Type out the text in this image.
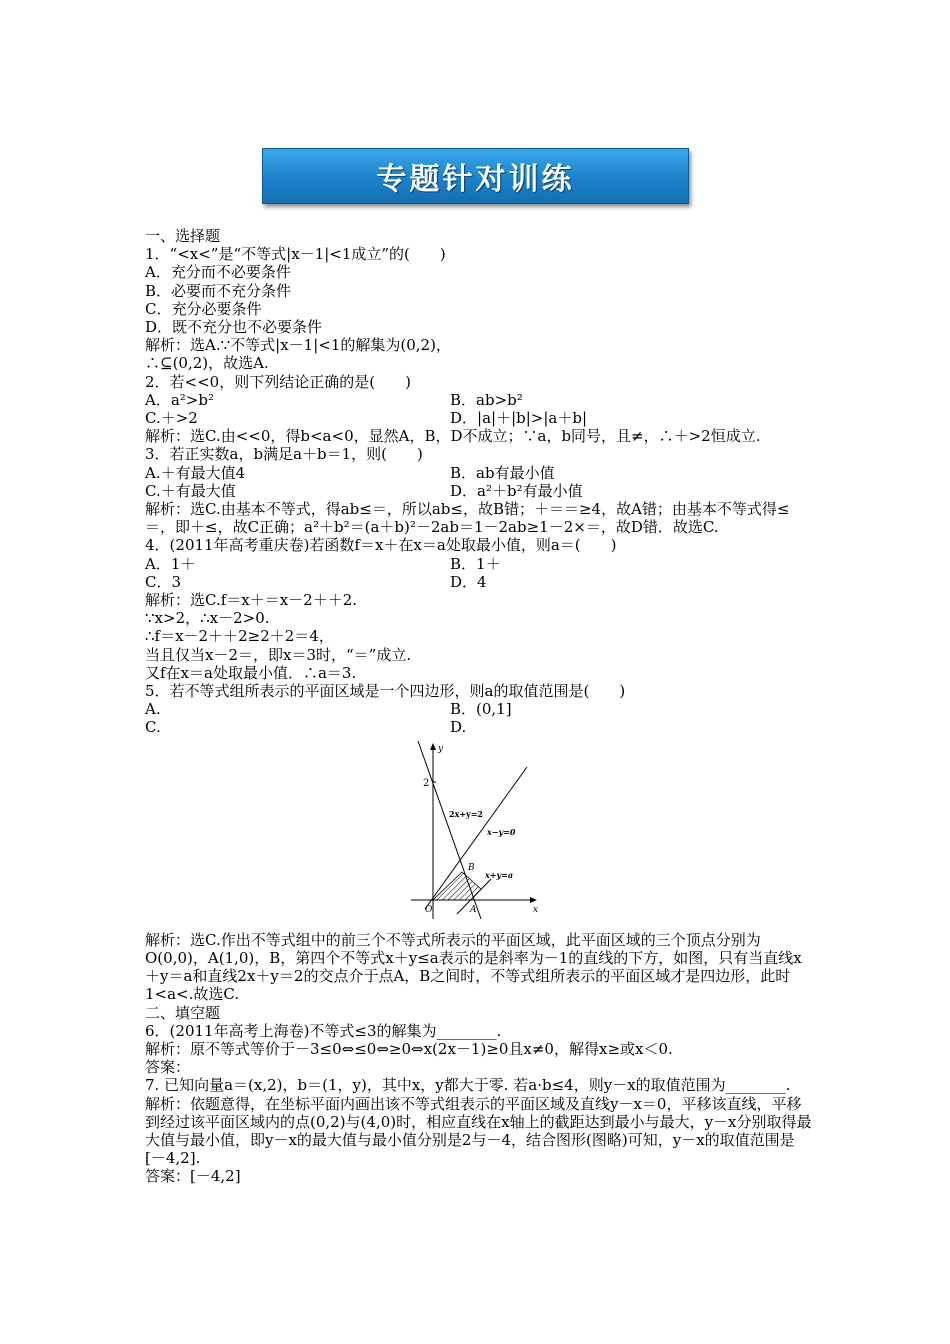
专题针对训练
一、选择题
1．“<x<”是“不等式|x－1|<1成立”的(　　)
A．充分而不必要条件
B．必要而不充分条件
C．充分必要条件
D．既不充分也不必要条件
解析：选A.∵不等式|x－1|<1的解集为(0,2)，
∴⊆(0,2)，故选A.
2．若<<0，则下列结论正确的是(　　)
A．a²>b²	B．ab>b²
C.＋>2	D．|a|＋|b|>|a＋b|
解析：选C.由<<0，得b<a<0，显然A，B，D不成立；∵a，b同号，且≠，∴＋>2恒成立.
3．若正实数a，b满足a＋b＝1，则(　　)
A.＋有最大值4	B．ab有最小值
C.＋有最大值	D．a²＋b²有最小值
解析：选C.由基本不等式，得ab≤＝，所以ab≤，故B错；＋＝＝≥4，故A错；由基本不等式得≤＝，即＋≤，故C正确；a²＋b²＝(a＋b)²－2ab＝1－2ab≥1－2×＝，故D错．故选C.
4．(2011年高考重庆卷)若函数f＝x＋在x＝a处取最小值，则a＝(　　)
A．1＋	B．1＋
C．3	D．4
解析：选C.f＝x＋＝x－2＋＋2.
∵x>2，∴x－2>0.
∴f＝x－2＋＋2≥2＋2＝4，
当且仅当x－2＝，即x＝3时，“＝”成立.
又f在x＝a处取最小值．∴a＝3.
5．若不等式组所表示的平面区域是一个四边形，则a的取值范围是(　　)
A.	B．(0,1]
C.	D.
y
x
2
O	A
B
2x+y=2
x−y=0
x+y=a
解析：选C.作出不等式组中的前三个不等式所表示的平面区域，此平面区域的三个顶点分别为O(0,0)，A(1,0)，B，第四个不等式x＋y≤a表示的是斜率为－1的直线的下方，如图，只有当直线x＋y＝a和直线2x＋y＝2的交点介于点A，B之间时，不等式组所表示的平面区域才是四边形，此时1<a<.故选C.
二、填空题
6．(2011年高考上海卷)不等式≤3的解集为________.
解析：原不等式等价于－3≤0⇔≤0⇔≥0⇔x(2x－1)≥0且x≠0，解得x≥或x＜0.
答案：
7. 已知向量a＝(x,2)，b＝(1，y)，其中x，y都大于零. 若a·b≤4，则y－x的取值范围为________.
解析：依题意得，在坐标平面内画出该不等式组表示的平面区域及直线y－x＝0，平移该直线，平移到经过该平面区域内的点(0,2)与(4,0)时，相应直线在x轴上的截距达到最小与最大，y－x分别取得最大值与最小值，即y－x的最大值与最小值分别是2与－4，结合图形(图略)可知，y－x的取值范围是[－4,2].
答案：[－4,2]
